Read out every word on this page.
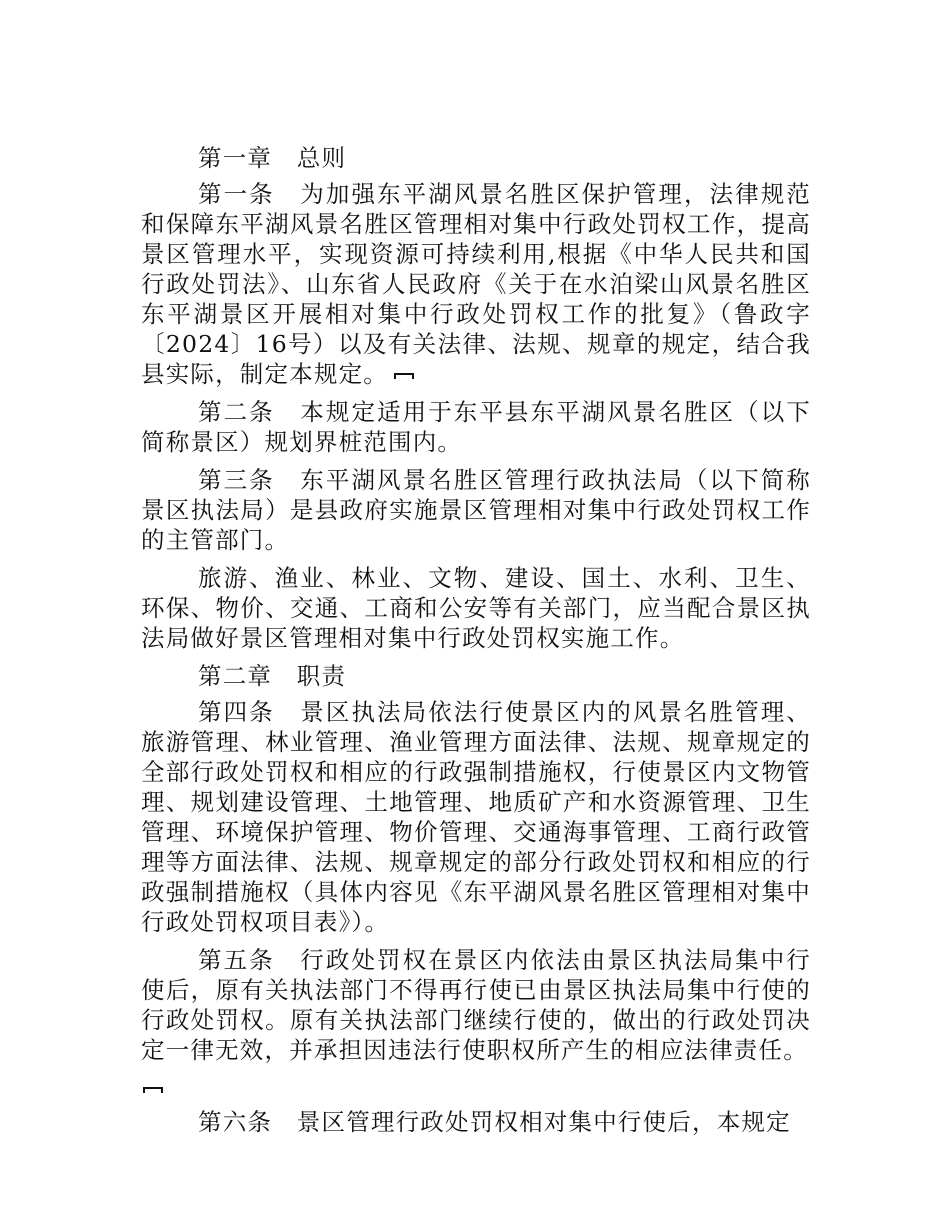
第一章　总则

第一条　为加强东平湖风景名胜区保护管理，法律规范和保障东平湖风景名胜区管理相对集中行政处罚权工作，提高景区管理水平，实现资源可持续利用,根据《中华人民共和国行政处罚法》、山东省人民政府《关于在水泊梁山风景名胜区东平湖景区开展相对集中行政处罚权工作的批复》（鲁政字〔2024〕16号）以及有关法律、法规、规章的规定，结合我县实际，制定本规定。

第二条　本规定适用于东平县东平湖风景名胜区（以下简称景区）规划界桩范围内。

第三条　东平湖风景名胜区管理行政执法局（以下简称景区执法局）是县政府实施景区管理相对集中行政处罚权工作的主管部门。

旅游、渔业、林业、文物、建设、国土、水利、卫生、环保、物价、交通、工商和公安等有关部门，应当配合景区执法局做好景区管理相对集中行政处罚权实施工作。

第二章　职责

第四条　景区执法局依法行使景区内的风景名胜管理、旅游管理、林业管理、渔业管理方面法律、法规、规章规定的全部行政处罚权和相应的行政强制措施权，行使景区内文物管理、规划建设管理、土地管理、地质矿产和水资源管理、卫生管理、环境保护管理、物价管理、交通海事管理、工商行政管理等方面法律、法规、规章规定的部分行政处罚权和相应的行政强制措施权（具体内容见《东平湖风景名胜区管理相对集中行政处罚权项目表》）。

第五条　行政处罚权在景区内依法由景区执法局集中行使后，原有关执法部门不得再行使已由景区执法局集中行使的行政处罚权。原有关执法部门继续行使的，做出的行政处罚决定一律无效，并承担因违法行使职权所产生的相应法律责任。

第六条　景区管理行政处罚权相对集中行使后，本规定
